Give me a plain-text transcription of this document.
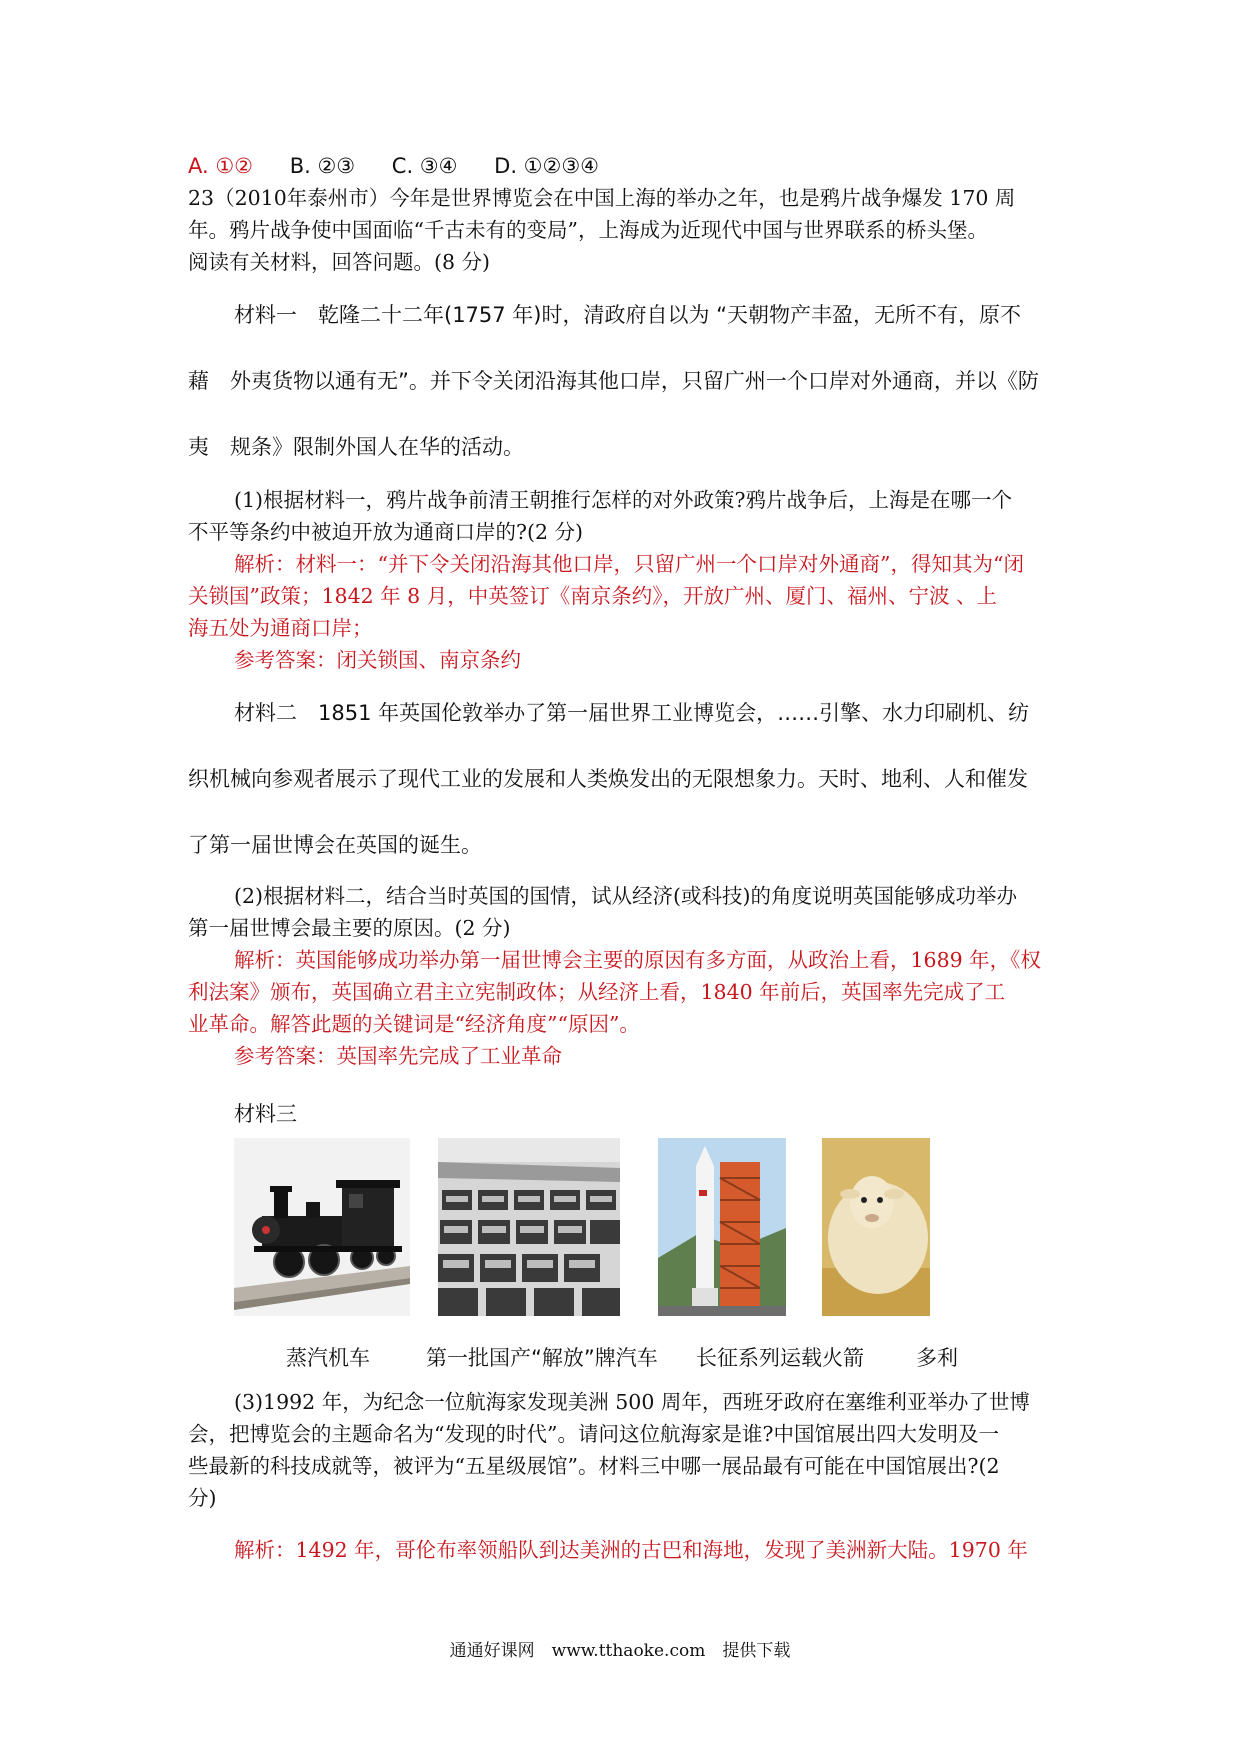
A. ①② B. ②③ C. ③④ D. ①②③④

23（2010年泰州市）今年是世界博览会在中国上海的举办之年，也是鸦片战争爆发 170 周

年。鸦片战争使中国面临“千古未有的变局”，上海成为近现代中国与世界联系的桥头堡。

阅读有关材料，回答问题。(8 分)

材料一　乾隆二十二年(1757 年)时，清政府自以为 “天朝物产丰盈，无所不有，原不

藉　外夷货物以通有无”。并下令关闭沿海其他口岸，只留广州一个口岸对外通商，并以《防

夷　规条》限制外国人在华的活动。

(1)根据材料一，鸦片战争前清王朝推行怎样的对外政策?鸦片战争后，上海是在哪一个

不平等条约中被迫开放为通商口岸的?(2 分)

解析：材料一：“并下令关闭沿海其他口岸，只留广州一个口岸对外通商”，得知其为“闭

关锁国”政策；1842 年 8 月，中英签订《南京条约》，开放广州、厦门、福州、宁波 、上

海五处为通商口岸；

参考答案：闭关锁国、南京条约

材料二　1851 年英国伦敦举办了第一届世界工业博览会，……引擎、水力印刷机、纺

织机械向参观者展示了现代工业的发展和人类焕发出的无限想象力。天时、地利、人和催发

了第一届世博会在英国的诞生。

(2)根据材料二，结合当时英国的国情，试从经济(或科技)的角度说明英国能够成功举办

第一届世博会最主要的原因。(2 分)

解析：英国能够成功举办第一届世博会主要的原因有多方面，从政治上看，1689 年，《权

利法案》颁布，英国确立君主立宪制政体；从经济上看，1840 年前后，英国率先完成了工

业革命。解答此题的关键词是“经济角度”“原因”。

参考答案：英国率先完成了工业革命

材料三

蒸汽机车	第一批国产“解放”牌汽车	长征系列运载火箭	多利

(3)1992 年，为纪念一位航海家发现美洲 500 周年，西班牙政府在塞维利亚举办了世博

会，把博览会的主题命名为“发现的时代”。请问这位航海家是谁?中国馆展出四大发明及一

些最新的科技成就等，被评为“五星级展馆”。材料三中哪一展品最有可能在中国馆展出?(2

分)

解析：1492 年，哥伦布率领船队到达美洲的古巴和海地，发现了美洲新大陆。1970 年

通通好课网　www.tthaoke.com　提供下载
